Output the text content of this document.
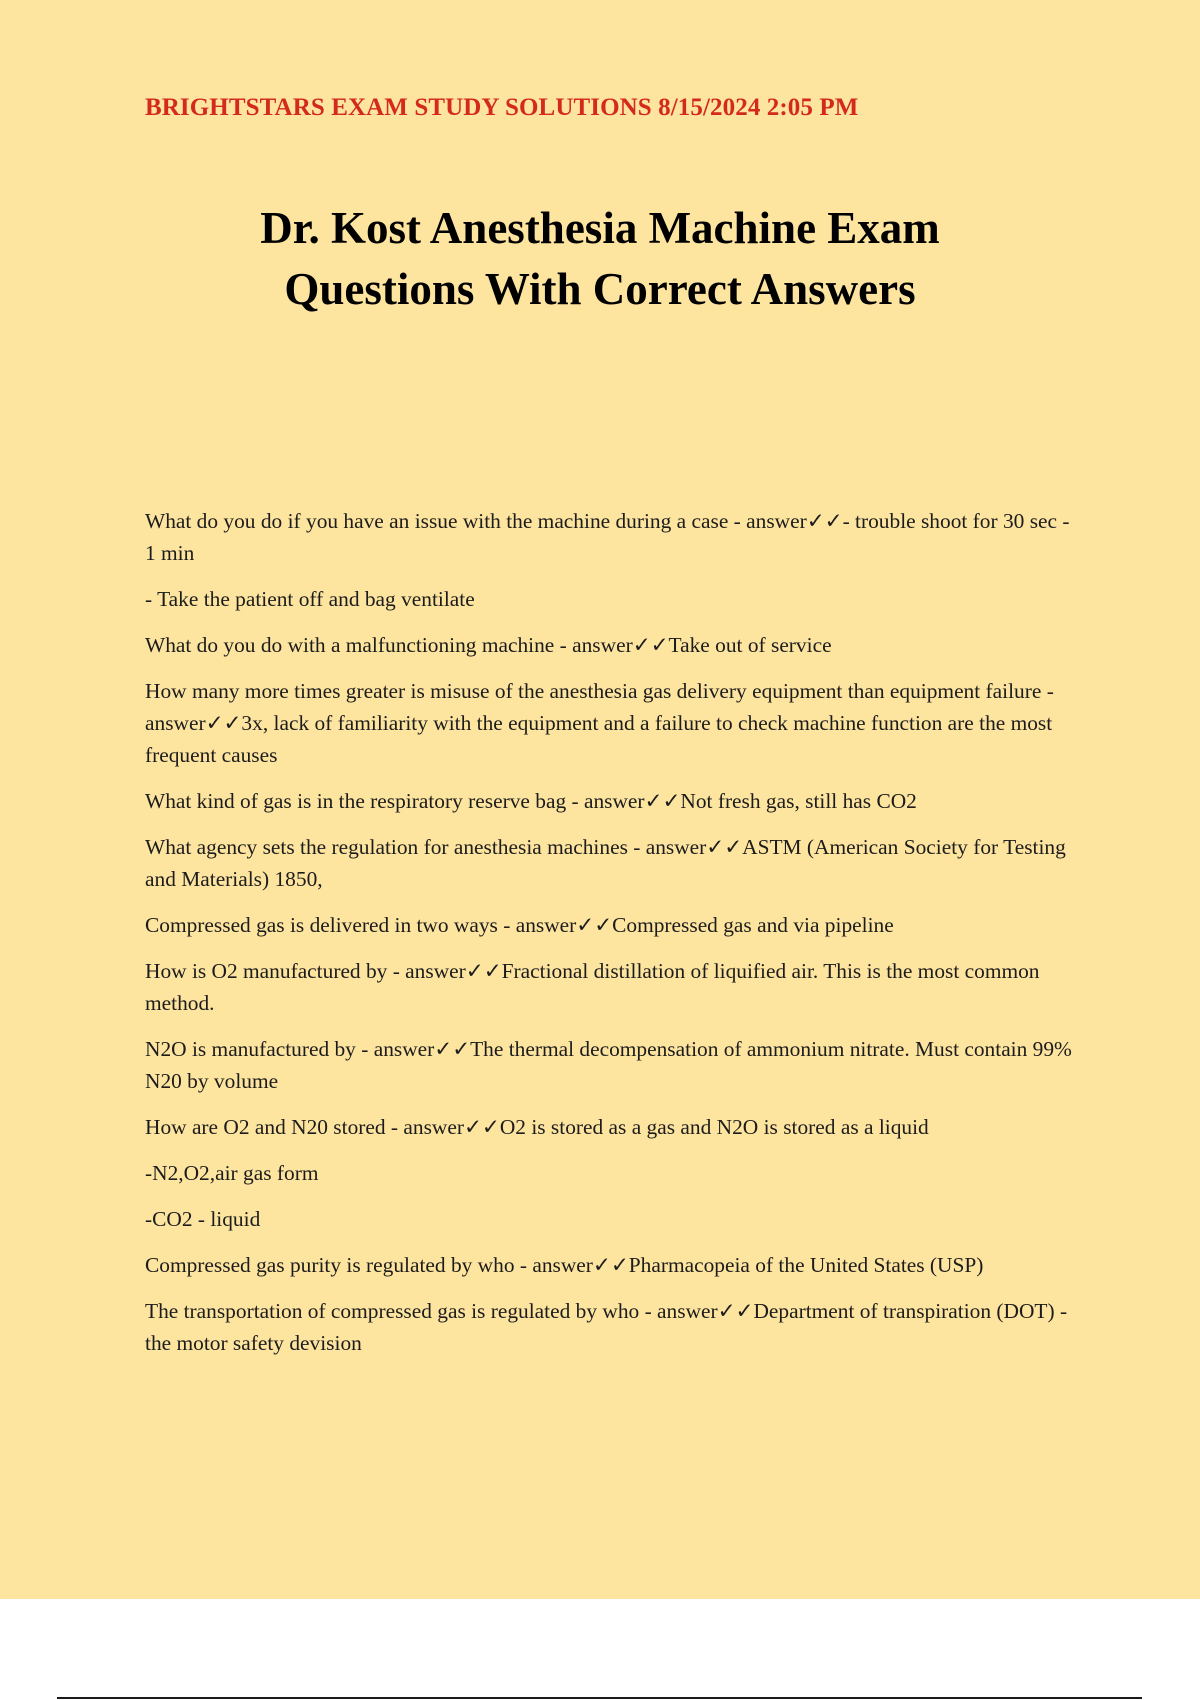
BRIGHTSTARS EXAM STUDY SOLUTIONS 8/15/2024 2:05 PM
Dr. Kost Anesthesia Machine Exam
Questions With Correct Answers

What do you do if you have an issue with the machine during a case - answer✓✓- trouble shoot for 30 sec - 1 min

- Take the patient off and bag ventilate

What do you do with a malfunctioning machine - answer✓✓Take out of service

How many more times greater is misuse of the anesthesia gas delivery equipment than equipment failure - answer✓✓3x, lack of familiarity with the equipment and a failure to check machine function are the most frequent causes

What kind of gas is in the respiratory reserve bag - answer✓✓Not fresh gas, still has CO2

What agency sets the regulation for anesthesia machines - answer✓✓ASTM (American Society for Testing and Materials) 1850,

Compressed gas is delivered in two ways - answer✓✓Compressed gas and via pipeline

How is O2 manufactured by - answer✓✓Fractional distillation of liquified air. This is the most common method.

N2O is manufactured by - answer✓✓The thermal decompensation of ammonium nitrate. Must contain 99% N20 by volume

How are O2 and N20 stored - answer✓✓O2 is stored as a gas and N2O is stored as a liquid

-N2,O2,air gas form

-CO2 - liquid

Compressed gas purity is regulated by who - answer✓✓Pharmacopeia of the United States (USP)

The transportation of compressed gas is regulated by who - answer✓✓Department of transpiration (DOT) - the motor safety devision
